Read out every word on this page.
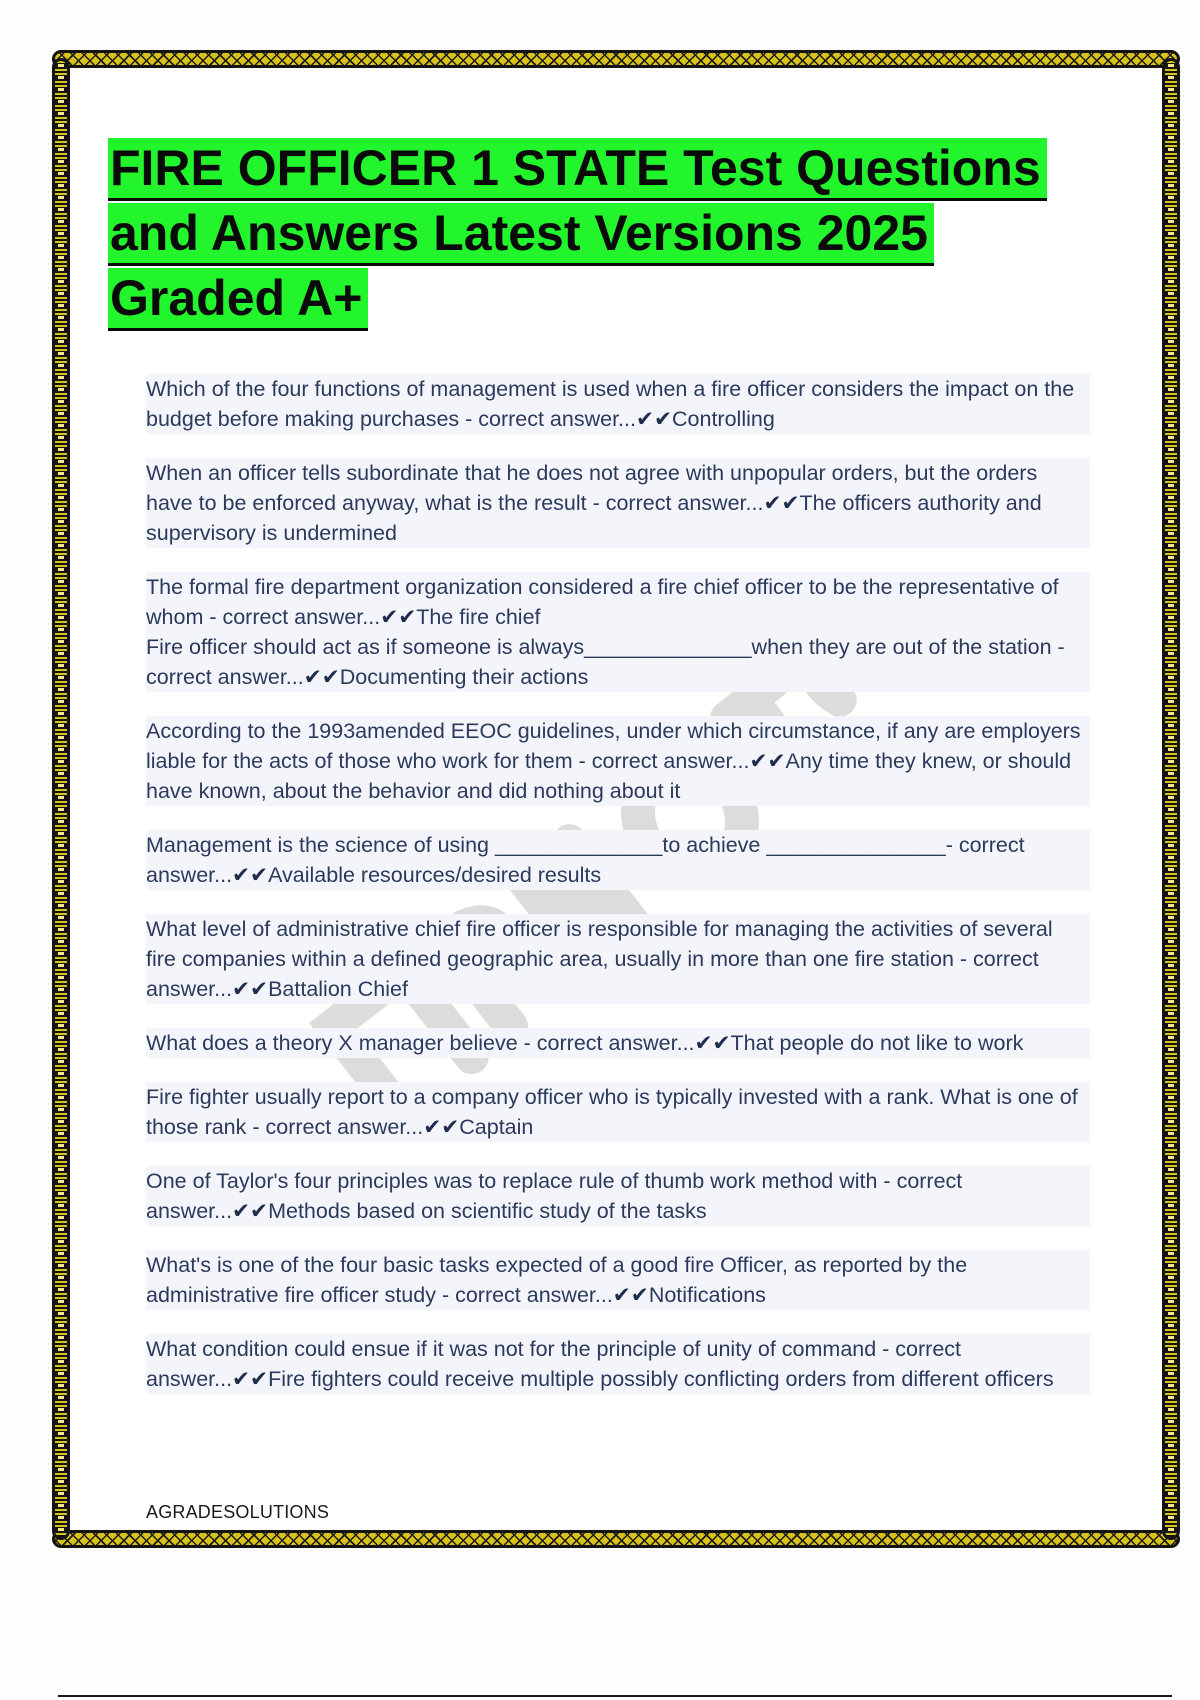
FIRE OFFICER 1 STATE Test Questions
and Answers Latest Versions 2025
Graded A+

Which of the four functions of management is used when a fire officer considers the impact on the budget before making purchases - correct answer...✔✔Controlling

When an officer tells subordinate that he does not agree with unpopular orders, but the orders have to be enforced anyway, what is the result - correct answer...✔✔The officers authority and supervisory is undermined

The formal fire department organization considered a fire chief officer to be the representative of whom - correct answer...✔✔The fire chief
Fire officer should act as if someone is always______________when they are out of the station - correct answer...✔✔Documenting their actions

According to the 1993amended EEOC guidelines, under which circumstance, if any are employers liable for the acts of those who work for them - correct answer...✔✔Any time they knew, or should have known, about the behavior and did nothing about it

Management is the science of using ______________to achieve _______________- correct answer...✔✔Available resources/desired results

What level of administrative chief fire officer is responsible for managing the activities of several fire companies within a defined geographic area, usually in more than one fire station - correct answer...✔✔Battalion Chief

What does a theory X manager believe - correct answer...✔✔That people do not like to work

Fire fighter usually report to a company officer who is typically invested with a rank. What is one of those rank - correct answer...✔✔Captain

One of Taylor's four principles was to replace rule of thumb work method with - correct answer...✔✔Methods based on scientific study of the tasks

What's is one of the four basic tasks expected of a good fire Officer, as reported by the administrative fire officer study - correct answer...✔✔Notifications

What condition could ensue if it was not for the principle of unity of command - correct answer...✔✔Fire fighters could receive multiple possibly conflicting orders from different officers

AGRADESOLUTIONS
